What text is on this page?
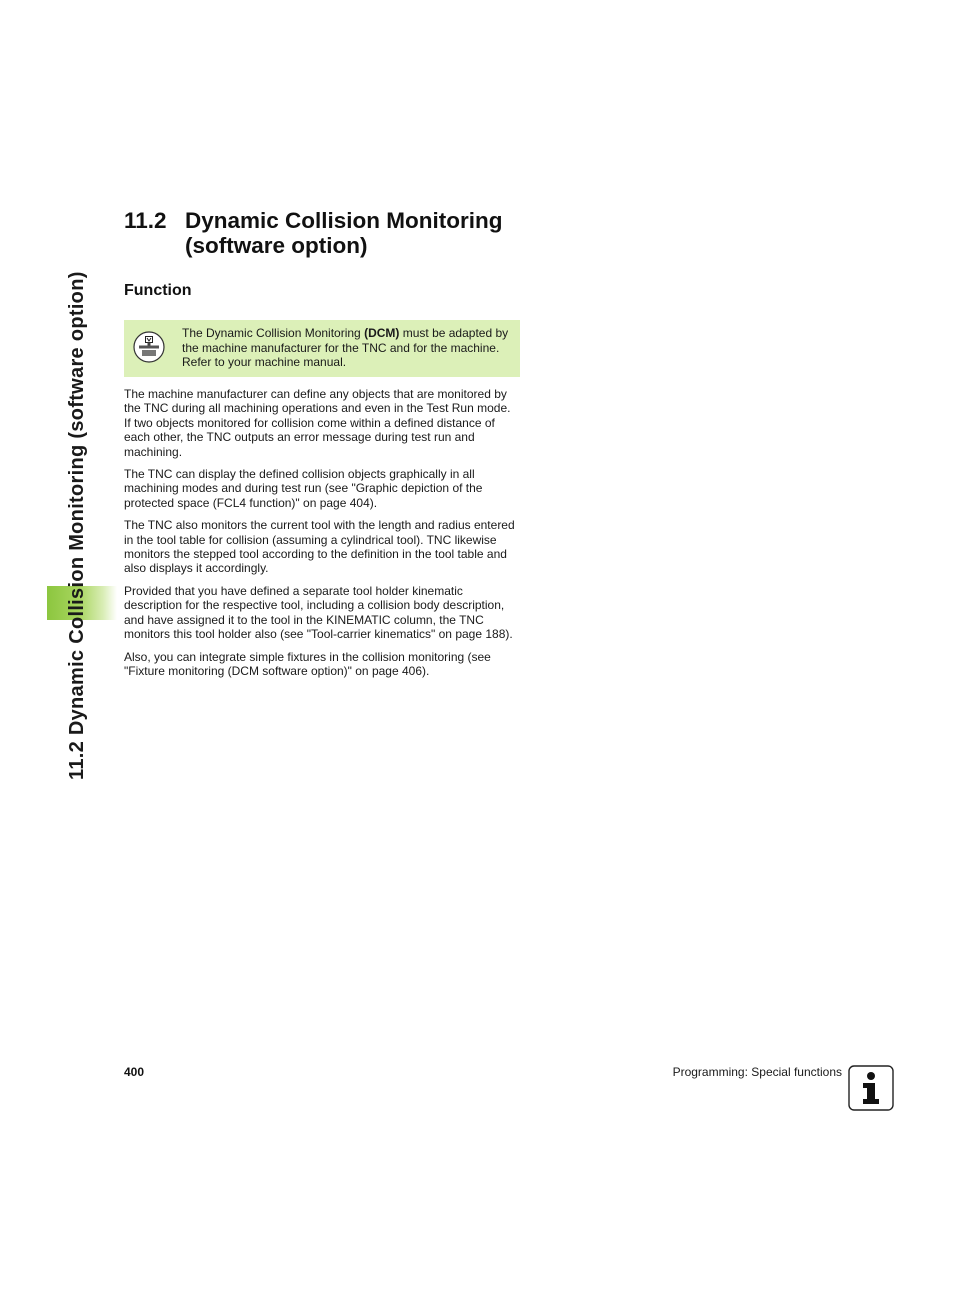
11.2 Dynamic Collision Monitoring (software option)
11.2 Dynamic Collision Monitoring
(software option)
Function
The Dynamic Collision Monitoring (DCM) must be adapted by the machine manufacturer for the TNC and for the machine. Refer to your machine manual.

The machine manufacturer can define any objects that are monitored by the TNC during all machining operations and even in the Test Run mode. If two objects monitored for collision come within a defined distance of each other, the TNC outputs an error message during test run and machining.

The TNC can display the defined collision objects graphically in all machining modes and during test run (see "Graphic depiction of the protected space (FCL4 function)" on page 404).

The TNC also monitors the current tool with the length and radius entered in the tool table for collision (assuming a cylindrical tool). TNC likewise monitors the stepped tool according to the definition in the tool table and also displays it accordingly.

Provided that you have defined a separate tool holder kinematic description for the respective tool, including a collision body description, and have assigned it to the tool in the KINEMATIC column, the TNC monitors this tool holder also (see "Tool-carrier kinematics" on page 188).

Also, you can integrate simple fixtures in the collision monitoring (see "Fixture monitoring (DCM software option)" on page 406).

400	Programming: Special functions
